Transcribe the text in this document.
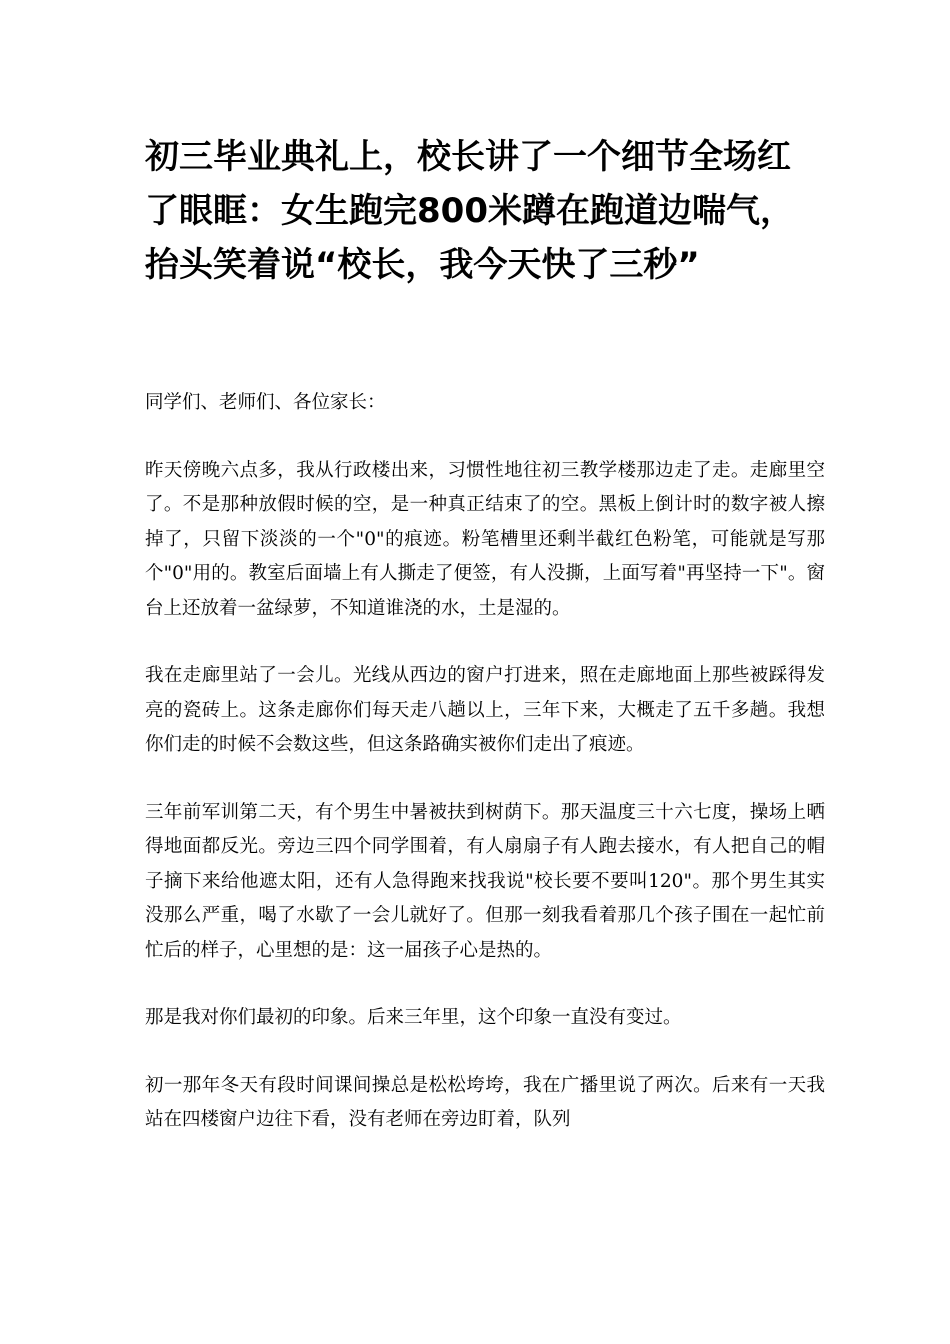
初三毕业典礼上，校长讲了一个细节全场红了眼眶：女生跑完800米蹲在跑道边喘气，抬头笑着说“校长，我今天快了三秒”

同学们、老师们、各位家长：

昨天傍晚六点多，我从行政楼出来，习惯性地往初三教学楼那边走了走。走廊里空了。不是那种放假时候的空，是一种真正结束了的空。黑板上倒计时的数字被人擦掉了，只留下淡淡的一个"0"的痕迹。粉笔槽里还剩半截红色粉笔，可能就是写那个"0"用的。教室后面墙上有人撕走了便签，有人没撕，上面写着"再坚持一下"。窗台上还放着一盆绿萝，不知道谁浇的水，土是湿的。

我在走廊里站了一会儿。光线从西边的窗户打进来，照在走廊地面上那些被踩得发亮的瓷砖上。这条走廊你们每天走八趟以上，三年下来，大概走了五千多趟。我想你们走的时候不会数这些，但这条路确实被你们走出了痕迹。

三年前军训第二天，有个男生中暑被扶到树荫下。那天温度三十六七度，操场上晒得地面都反光。旁边三四个同学围着，有人扇扇子有人跑去接水，有人把自己的帽子摘下来给他遮太阳，还有人急得跑来找我说"校长要不要叫120"。那个男生其实没那么严重，喝了水歇了一会儿就好了。但那一刻我看着那几个孩子围在一起忙前忙后的样子，心里想的是：这一届孩子心是热的。

那是我对你们最初的印象。后来三年里，这个印象一直没有变过。

初一那年冬天有段时间课间操总是松松垮垮，我在广播里说了两次。后来有一天我站在四楼窗户边往下看，没有老师在旁边盯着，队列
